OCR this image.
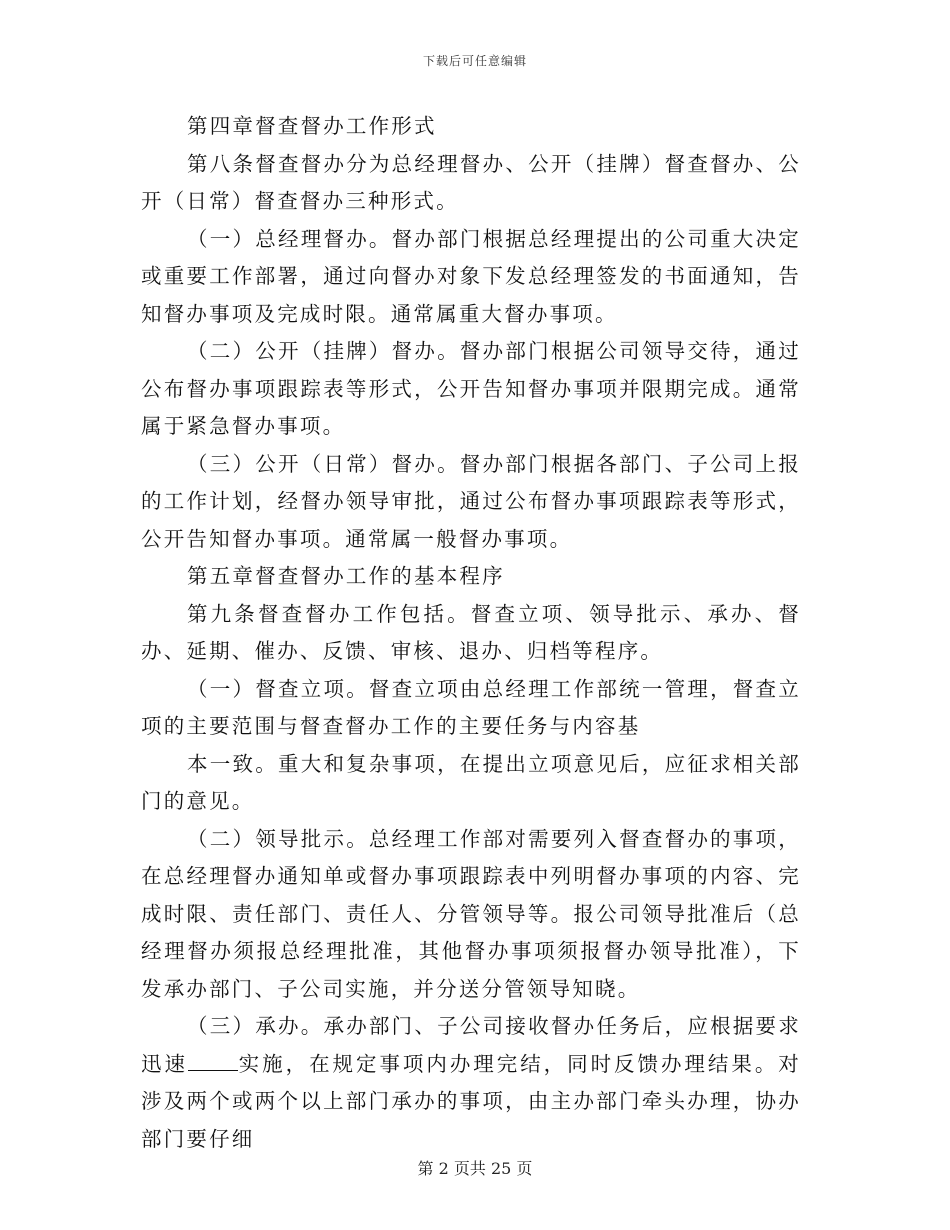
下载后可任意编辑

第四章督查督办工作形式

第八条督查督办分为总经理督办、公开（挂牌）督查督办、公开（日常）督查督办三种形式。

（一）总经理督办。督办部门根据总经理提出的公司重大决定或重要工作部署，通过向督办对象下发总经理签发的书面通知，告知督办事项及完成时限。通常属重大督办事项。

（二）公开（挂牌）督办。督办部门根据公司领导交待，通过公布督办事项跟踪表等形式，公开告知督办事项并限期完成。通常属于紧急督办事项。

（三）公开（日常）督办。督办部门根据各部门、子公司上报的工作计划，经督办领导审批，通过公布督办事项跟踪表等形式，公开告知督办事项。通常属一般督办事项。

第五章督查督办工作的基本程序

第九条督查督办工作包括。督查立项、领导批示、承办、督办、延期、催办、反馈、审核、退办、归档等程序。

（一）督查立项。督查立项由总经理工作部统一管理，督查立项的主要范围与督查督办工作的主要任务与内容基

本一致。重大和复杂事项，在提出立项意见后，应征求相关部门的意见。

（二）领导批示。总经理工作部对需要列入督查督办的事项，在总经理督办通知单或督办事项跟踪表中列明督办事项的内容、完成时限、责任部门、责任人、分管领导等。报公司领导批准后（总经理督办须报总经理批准，其他督办事项须报督办领导批准），下发承办部门、子公司实施，并分送分管领导知晓。

（三）承办。承办部门、子公司接收督办任务后，应根据要求迅速 实施，在规定事项内办理完结，同时反馈办理结果。对涉及两个或两个以上部门承办的事项，由主办部门牵头办理，协办部门要仔细

第 2 页共 25 页
